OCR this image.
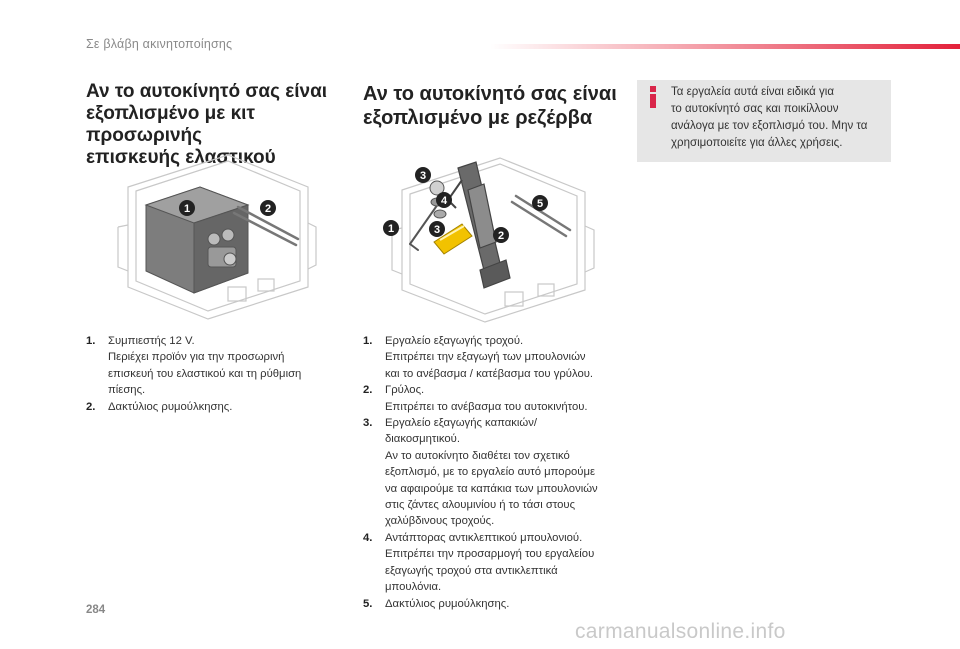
Σε βλάβη ακινητοποίησης
Αν το αυτοκίνητό σας είναι
εξοπλισμένο με κιτ προσωρινής
επισκευής ελαστικού
Αν το αυτοκίνητό σας είναι
εξοπλισμένο με ρεζέρβα
Τα εργαλεία αυτά είναι ειδικά για
το αυτοκίνητό σας και ποικίλλουν
ανάλογα με τον εξοπλισμό του. Μην τα
χρησιμοποιείτε για άλλες χρήσεις.
1	2
3
4	5
1	3	2
1. Συμπιεστής 12 V.
Περιέχει προϊόν για την προσωρινή
επισκευή του ελαστικού και τη ρύθμιση
πίεσης.
2. Δακτύλιος ρυμούλκησης.
1. Εργαλείο εξαγωγής τροχού.
Επιτρέπει την εξαγωγή των μπουλονιών
και το ανέβασμα / κατέβασμα του γρύλου.
2. Γρύλος.
Επιτρέπει το ανέβασμα του αυτοκινήτου.
3. Εργαλείο εξαγωγής καπακιών/
διακοσμητικού.
Αν το αυτοκίνητο διαθέτει τον σχετικό
εξοπλισμό, με το εργαλείο αυτό μπορούμε
να αφαιρούμε τα καπάκια των μπουλονιών
στις ζάντες αλουμινίου ή το τάσι στους
χαλύβδινους τροχούς.
4. Αντάπτορας αντικλεπτικού μπουλονιού.
Επιτρέπει την προσαρμογή του εργαλείου
εξαγωγής τροχού στα αντικλεπτικά
μπουλόνια.
5. Δακτύλιος ρυμούλκησης.
284
carmanualsonline.info
